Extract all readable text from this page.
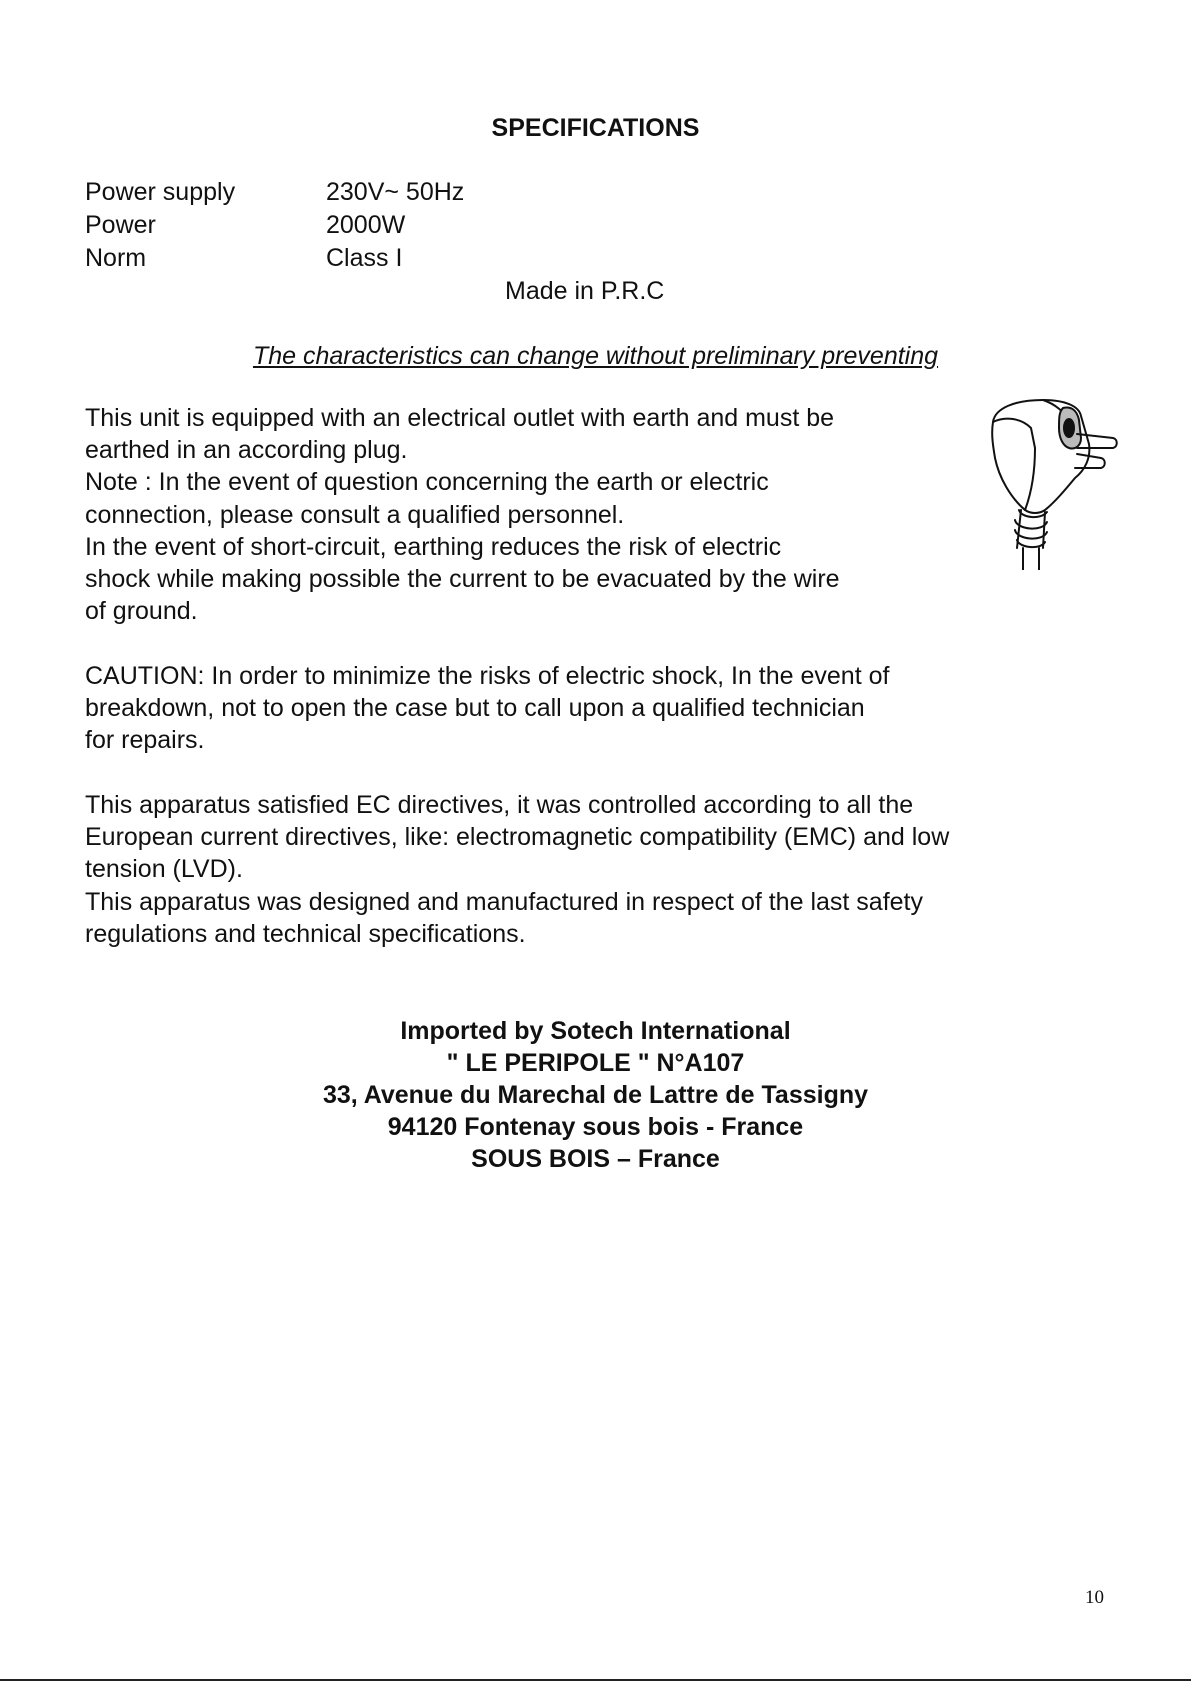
SPECIFICATIONS
Power supply	230V~ 50Hz
Power	2000W
Norm	Class I
Made in P.R.C
The characteristics can change without preliminary preventing
This unit is equipped with an electrical outlet with earth and must be
earthed in an according plug.
Note : In the event of question concerning the earth or electric
connection, please consult a qualified personnel.
In the event of short-circuit, earthing reduces the risk of electric
shock while making possible the current to be evacuated by the wire
of ground.
CAUTION: In order to minimize the risks of electric shock, In the event of
breakdown, not to open the case but to call upon a qualified technician
for repairs.
This apparatus satisfied EC directives, it was controlled according to all the
European current directives, like: electromagnetic compatibility (EMC) and low
tension (LVD).
This apparatus was designed and manufactured in respect of the last safety
regulations and technical specifications.
Imported by Sotech International
" LE PERIPOLE " N°A107
33, Avenue du Marechal de Lattre de Tassigny
94120 Fontenay sous bois - France
SOUS BOIS – France
10
